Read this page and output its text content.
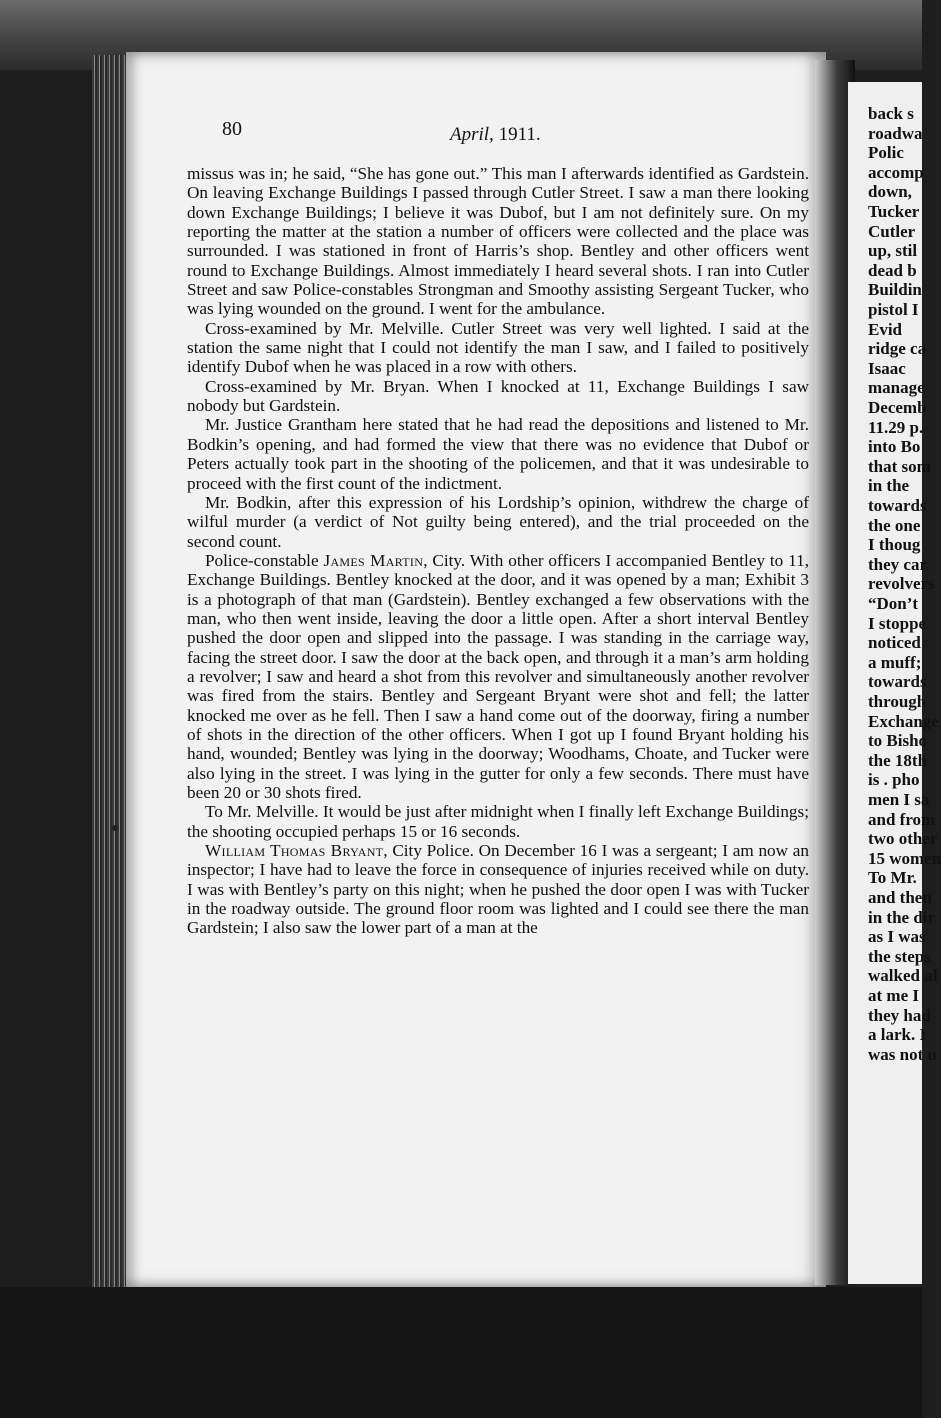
back s
roadwa
Polic
accomp
down,
Tucker
Cutler
up, stil
dead b
Buildin
pistol I
Evid
ridge ca
Isaac
manage
Decemb
11.29 p.
into Bo
that som
in the
towards
the one
I thoug
they car
revolvers
“Don’t
I stoppe
noticed
a muff;
towards
through
Exchange
to Bisho
the 18th
is . pho
men I sa
and from
two other
15 women
To Mr.
and then
in the dir
as I was
the steps
walked al
at me I
they had
a lark. I
was not u
80	April, 1911.

missus was in; he said, “She has gone out.” This man I afterwards identified as Gardstein. On leaving Exchange Buildings I passed through Cutler Street. I saw a man there looking down Exchange Buildings; I believe it was Dubof, but I am not definitely sure. On my reporting the matter at the station a number of officers were collected and the place was surrounded. I was stationed in front of Harris’s shop. Bentley and other officers went round to Exchange Buildings. Almost immediately I heard several shots. I ran into Cutler Street and saw Police-constables Strongman and Smoothy assisting Sergeant Tucker, who was lying wounded on the ground. I went for the ambulance.

Cross-examined by Mr. Melville. Cutler Street was very well lighted. I said at the station the same night that I could not identify the man I saw, and I failed to positively identify Dubof when he was placed in a row with others.

Cross-examined by Mr. Bryan. When I knocked at 11, Exchange Buildings I saw nobody but Gardstein.

Mr. Justice Grantham here stated that he had read the depositions and listened to Mr. Bodkin’s opening, and had formed the view that there was no evidence that Dubof or Peters actually took part in the shooting of the policemen, and that it was undesirable to proceed with the first count of the indictment.

Mr. Bodkin, after this expression of his Lordship’s opinion, withdrew the charge of wilful murder (a verdict of Not guilty being entered), and the trial proceeded on the second count.

Police-constable James Martin, City. With other officers I accompanied Bentley to 11, Exchange Buildings. Bentley knocked at the door, and it was opened by a man; Exhibit 3 is a photograph of that man (Gardstein). Bentley exchanged a few observations with the man, who then went inside, leaving the door a little open. After a short interval Bentley pushed the door open and slipped into the passage. I was standing in the carriage way, facing the street door. I saw the door at the back open, and through it a man’s arm holding a revolver; I saw and heard a shot from this revolver and simultaneously another revolver was fired from the stairs. Bentley and Sergeant Bryant were shot and fell; the latter knocked me over as he fell. Then I saw a hand come out of the doorway, firing a number of shots in the direction of the other officers. When I got up I found Bryant holding his hand, wounded; Bentley was lying in the doorway; Woodhams, Choate, and Tucker were also lying in the street. I was lying in the gutter for only a few seconds. There must have been 20 or 30 shots fired.

To Mr. Melville. It would be just after midnight when I finally left Exchange Buildings; the shooting occupied perhaps 15 or 16 seconds.

William Thomas Bryant, City Police. On December 16 I was a sergeant; I am now an inspector; I have had to leave the force in consequence of injuries received while on duty. I was with Bentley’s party on this night; when he pushed the door open I was with Tucker in the roadway outside. The ground floor room was lighted and I could see there the man Gardstein; I also saw the lower part of a man at the
